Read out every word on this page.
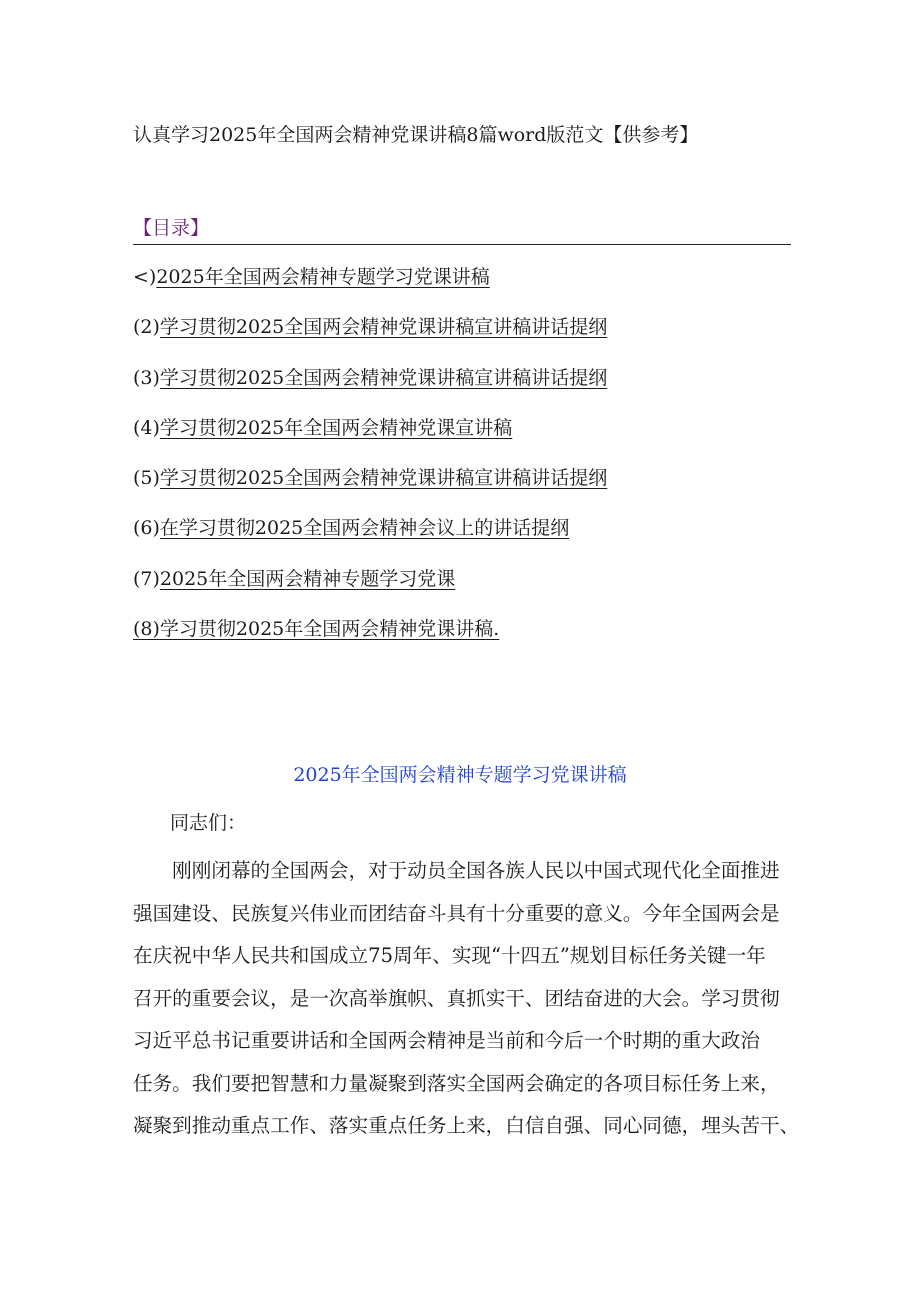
认真学习2025年全国两会精神党课讲稿8篇word版范文【供参考】
【目录】
<)2025年全国两会精神专题学习党课讲稿
(2)学习贯彻2025全国两会精神党课讲稿宣讲稿讲话提纲
(3)学习贯彻2025全国两会精神党课讲稿宣讲稿讲话提纲
(4)学习贯彻2025年全国两会精神党课宣讲稿
(5)学习贯彻2025全国两会精神党课讲稿宣讲稿讲话提纲
(6)在学习贯彻2025全国两会精神会议上的讲话提纲
(7)2025年全国两会精神专题学习党课
(8)学习贯彻2025年全国两会精神党课讲稿.
2025年全国两会精神专题学习党课讲稿
同志们：

　　刚刚闭幕的全国两会，对于动员全国各族人民以中国式现代化全面推进
强国建设、民族复兴伟业而团结奋斗具有十分重要的意义。今年全国两会是
在庆祝中华人民共和国成立75周年、实现“十四五”规划目标任务关键一年
召开的重要会议，是一次高举旗帜、真抓实干、团结奋进的大会。学习贯彻
习近平总书记重要讲话和全国两会精神是当前和今后一个时期的重大政治
任务。我们要把智慧和力量凝聚到落实全国两会确定的各项目标任务上来，
凝聚到推动重点工作、落实重点任务上来，白信自强、同心同德，埋头苦干、
